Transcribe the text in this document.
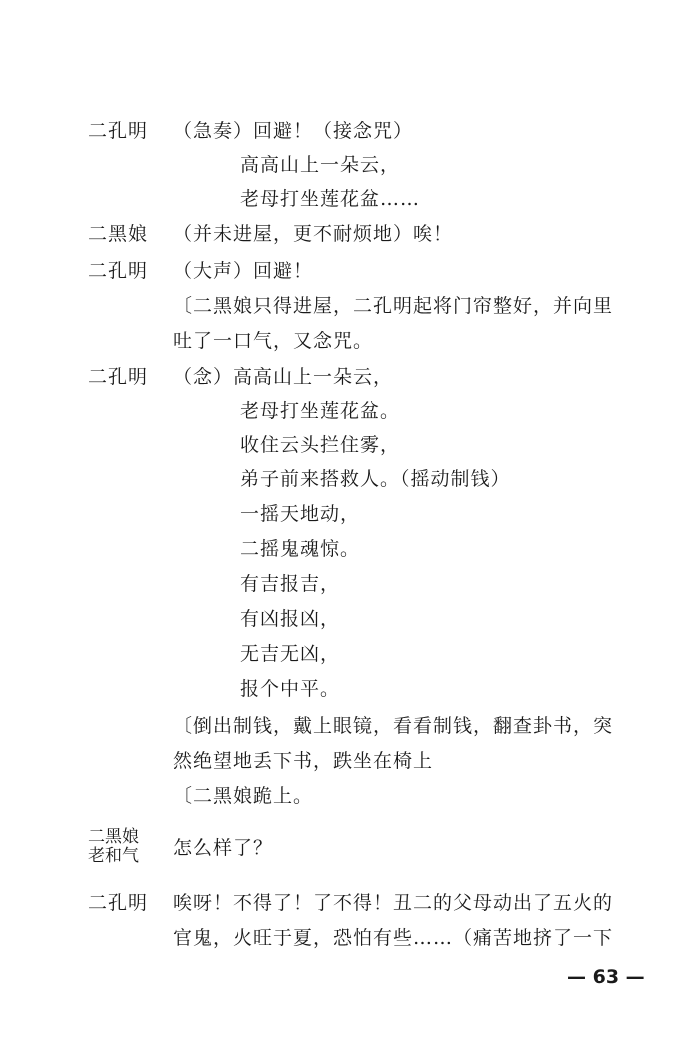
二孔明 （急奏）回避！（接念咒）
高高山上一朵云，
老母打坐莲花盆……
二黑娘 （并未进屋，更不耐烦地）唉！
二孔明 （大声）回避！
〔二黑娘只得进屋，二孔明起将门帘整好，并向里
吐了一口气，又念咒。
二孔明 （念）高高山上一朵云，
老母打坐莲花盆。
收住云头拦住雾，
弟子前来搭救人。（摇动制钱）
一摇天地动，
二摇鬼魂惊。
有吉报吉，
有凶报凶，
无吉无凶，
报个中平。
〔倒出制钱，戴上眼镜，看看制钱，翻查卦书，突
然绝望地丢下书，跌坐在椅上
〔二黑娘跪上。
二黑娘
老和气 怎么样了？
二孔明 唉呀！不得了！了不得！丑二的父母动出了五火的
官鬼，火旺于夏，恐怕有些……（痛苦地挤了一下
— 63 —
